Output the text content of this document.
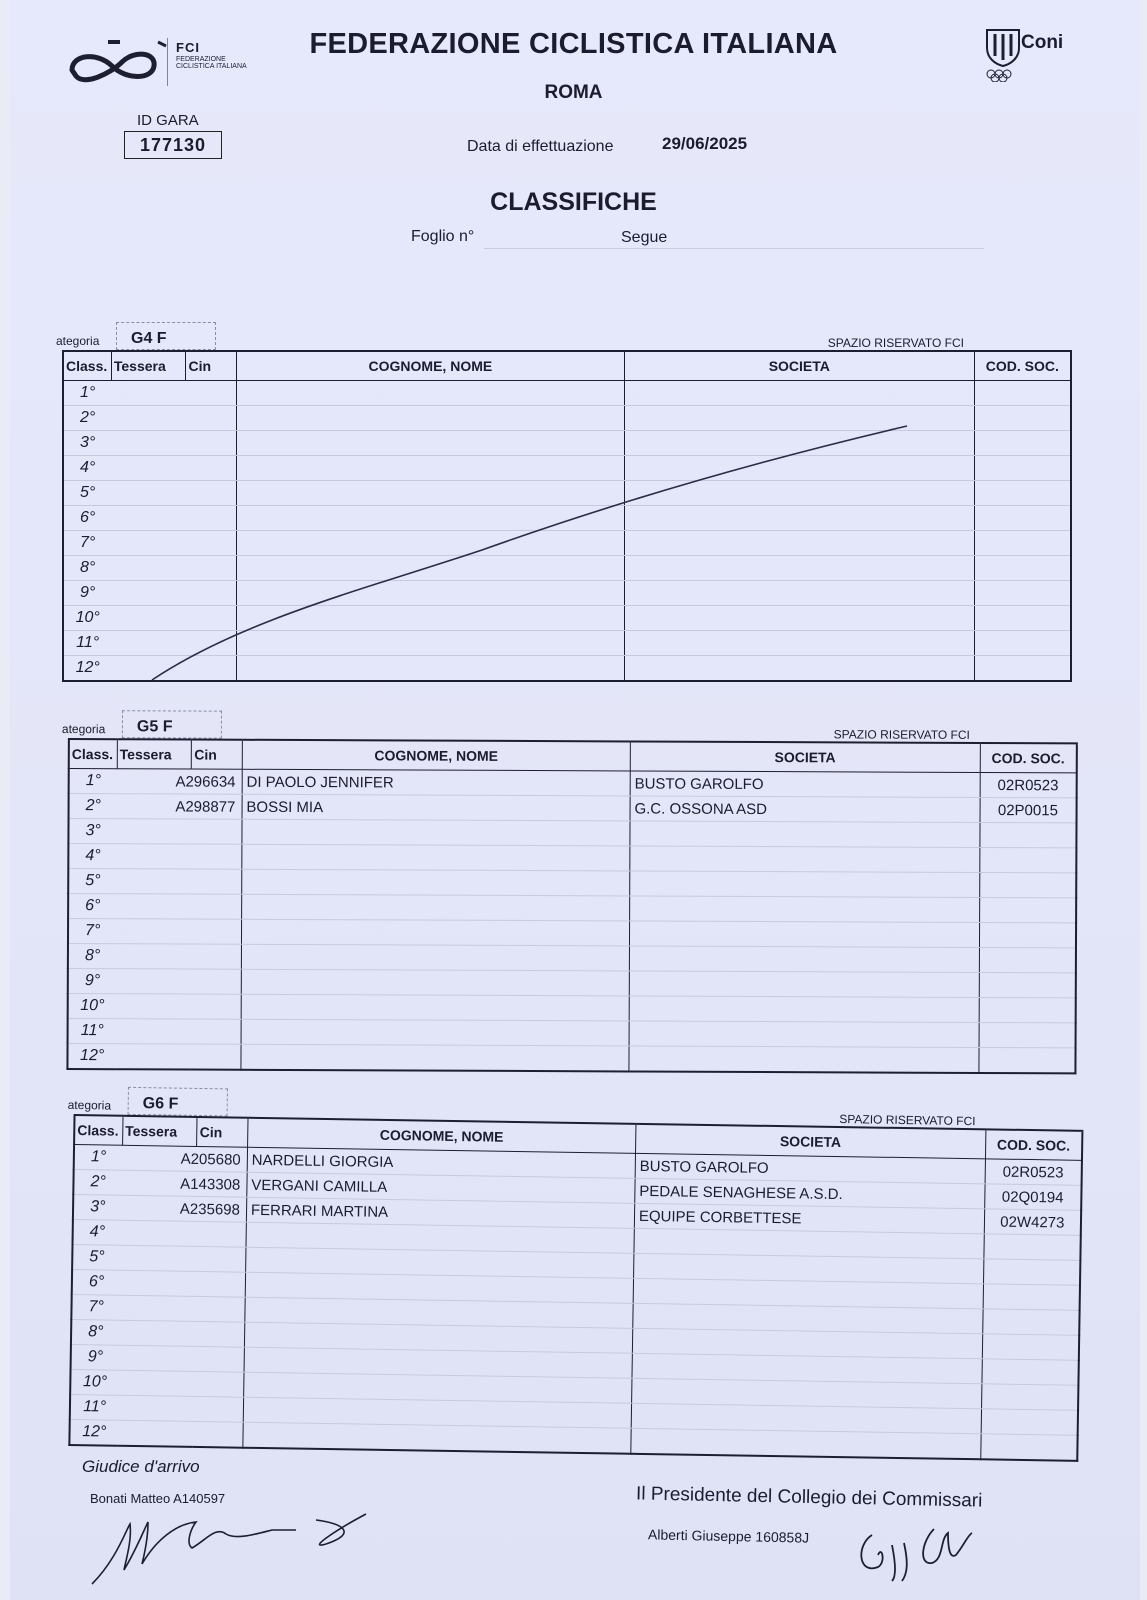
FCI
FEDERAZIONE CICLISTICA ITALIANA
Coni
FEDERAZIONE CICLISTICA ITALIANA
ROMA
ID GARA
177130	Data di effettuazione	29/06/2025
CLASSIFICHE
Foglio n°	Segue
ategoria	G4 F	SPAZIO RISERVATO FCI
Class.	Tessera	Cin	COGNOME, NOME	SOCIETA	COD. SOC.
1°					
2°					
3°					
4°					
5°					
6°					
7°					
8°					
9°					
10°					
11°					
12°					
ategoria	G5 F	SPAZIO RISERVATO FCI
Class.	Tessera	Cin	COGNOME, NOME	SOCIETA	COD. SOC.
1°	A296634		DI PAOLO JENNIFER	BUSTO GAROLFO	02R0523
2°	A298877		BOSSI MIA	G.C. OSSONA ASD	02P0015
3°					
4°					
5°					
6°					
7°					
8°					
9°					
10°					
11°					
12°					
ategoria	G6 F
SPAZIO RISERVATO FCI
Class.	Tessera	Cin	COGNOME, NOME	SOCIETA	COD. SOC.
1°	A205680		NARDELLI GIORGIA	BUSTO GAROLFO	02R0523
2°	A143308		VERGANI CAMILLA	PEDALE SENAGHESE A.S.D.	02Q0194
3°	A235698		FERRARI MARTINA	EQUIPE CORBETTESE	02W4273
4°					
5°					
6°					
7°					
8°					
9°					
10°					
11°					
12°					
Giudice d'arrivo
Bonati Matteo A140597	Il Presidente del Collegio dei Commissari
Alberti Giuseppe 160858J
